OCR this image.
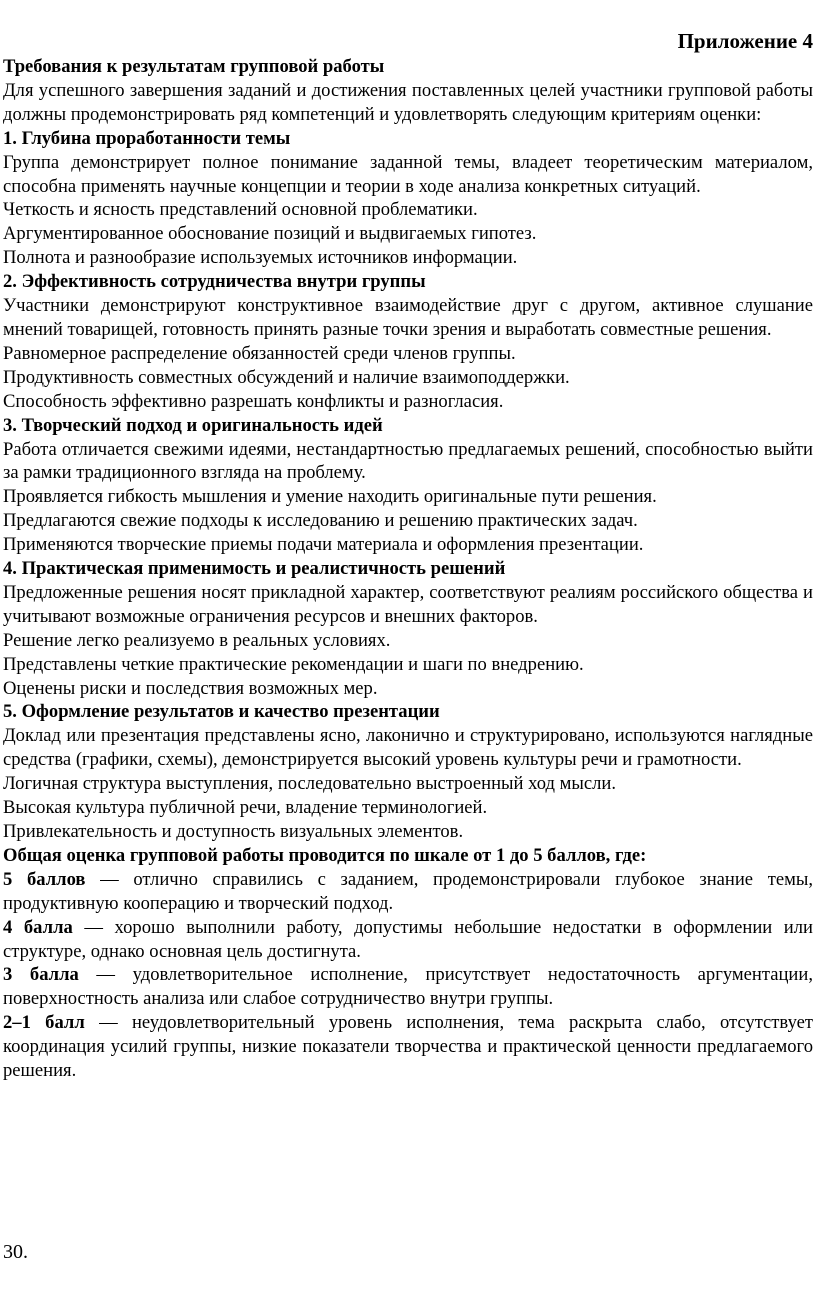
Приложение 4

Требования к результатам групповой работы

Для успешного завершения заданий и достижения поставленных целей участники групповой работы должны продемонстрировать ряд компетенций и удовлетворять следующим критериям оценки:

1. Глубина проработанности темы

Группа демонстрирует полное понимание заданной темы, владеет теоретическим материалом, способна применять научные концепции и теории в ходе анализа конкретных ситуаций.

Четкость и ясность представлений основной проблематики.

Аргументированное обоснование позиций и выдвигаемых гипотез.

Полнота и разнообразие используемых источников информации.

2. Эффективность сотрудничества внутри группы

Участники демонстрируют конструктивное взаимодействие друг с другом, активное слушание мнений товарищей, готовность принять разные точки зрения и выработать совместные решения.

Равномерное распределение обязанностей среди членов группы.

Продуктивность совместных обсуждений и наличие взаимоподдержки.

Способность эффективно разрешать конфликты и разногласия.

3. Творческий подход и оригинальность идей

Работа отличается свежими идеями, нестандартностью предлагаемых решений, способностью выйти за рамки традиционного взгляда на проблему.

Проявляется гибкость мышления и умение находить оригинальные пути решения.

Предлагаются свежие подходы к исследованию и решению практических задач.

Применяются творческие приемы подачи материала и оформления презентации.

4. Практическая применимость и реалистичность решений

Предложенные решения носят прикладной характер, соответствуют реалиям российского общества и учитывают возможные ограничения ресурсов и внешних факторов.

Решение легко реализуемо в реальных условиях.

Представлены четкие практические рекомендации и шаги по внедрению.

Оценены риски и последствия возможных мер.

5. Оформление результатов и качество презентации

Доклад или презентация представлены ясно, лаконично и структурировано, используются наглядные средства (графики, схемы), демонстрируется высокий уровень культуры речи и грамотности.

Логичная структура выступления, последовательно выстроенный ход мысли.

Высокая культура публичной речи, владение терминологией.

Привлекательность и доступность визуальных элементов.

Общая оценка групповой работы проводится по шкале от 1 до 5 баллов, где:

5 баллов — отлично справились с заданием, продемонстрировали глубокое знание темы, продуктивную кооперацию и творческий подход.

4 балла — хорошо выполнили работу, допустимы небольшие недостатки в оформлении или структуре, однако основная цель достигнута.

3 балла — удовлетворительное исполнение, присутствует недостаточность аргументации, поверхностность анализа или слабое сотрудничество внутри группы.

2–1 балл — неудовлетворительный уровень исполнения, тема раскрыта слабо, отсутствует координация усилий группы, низкие показатели творчества и практической ценности предлагаемого решения.

30.
